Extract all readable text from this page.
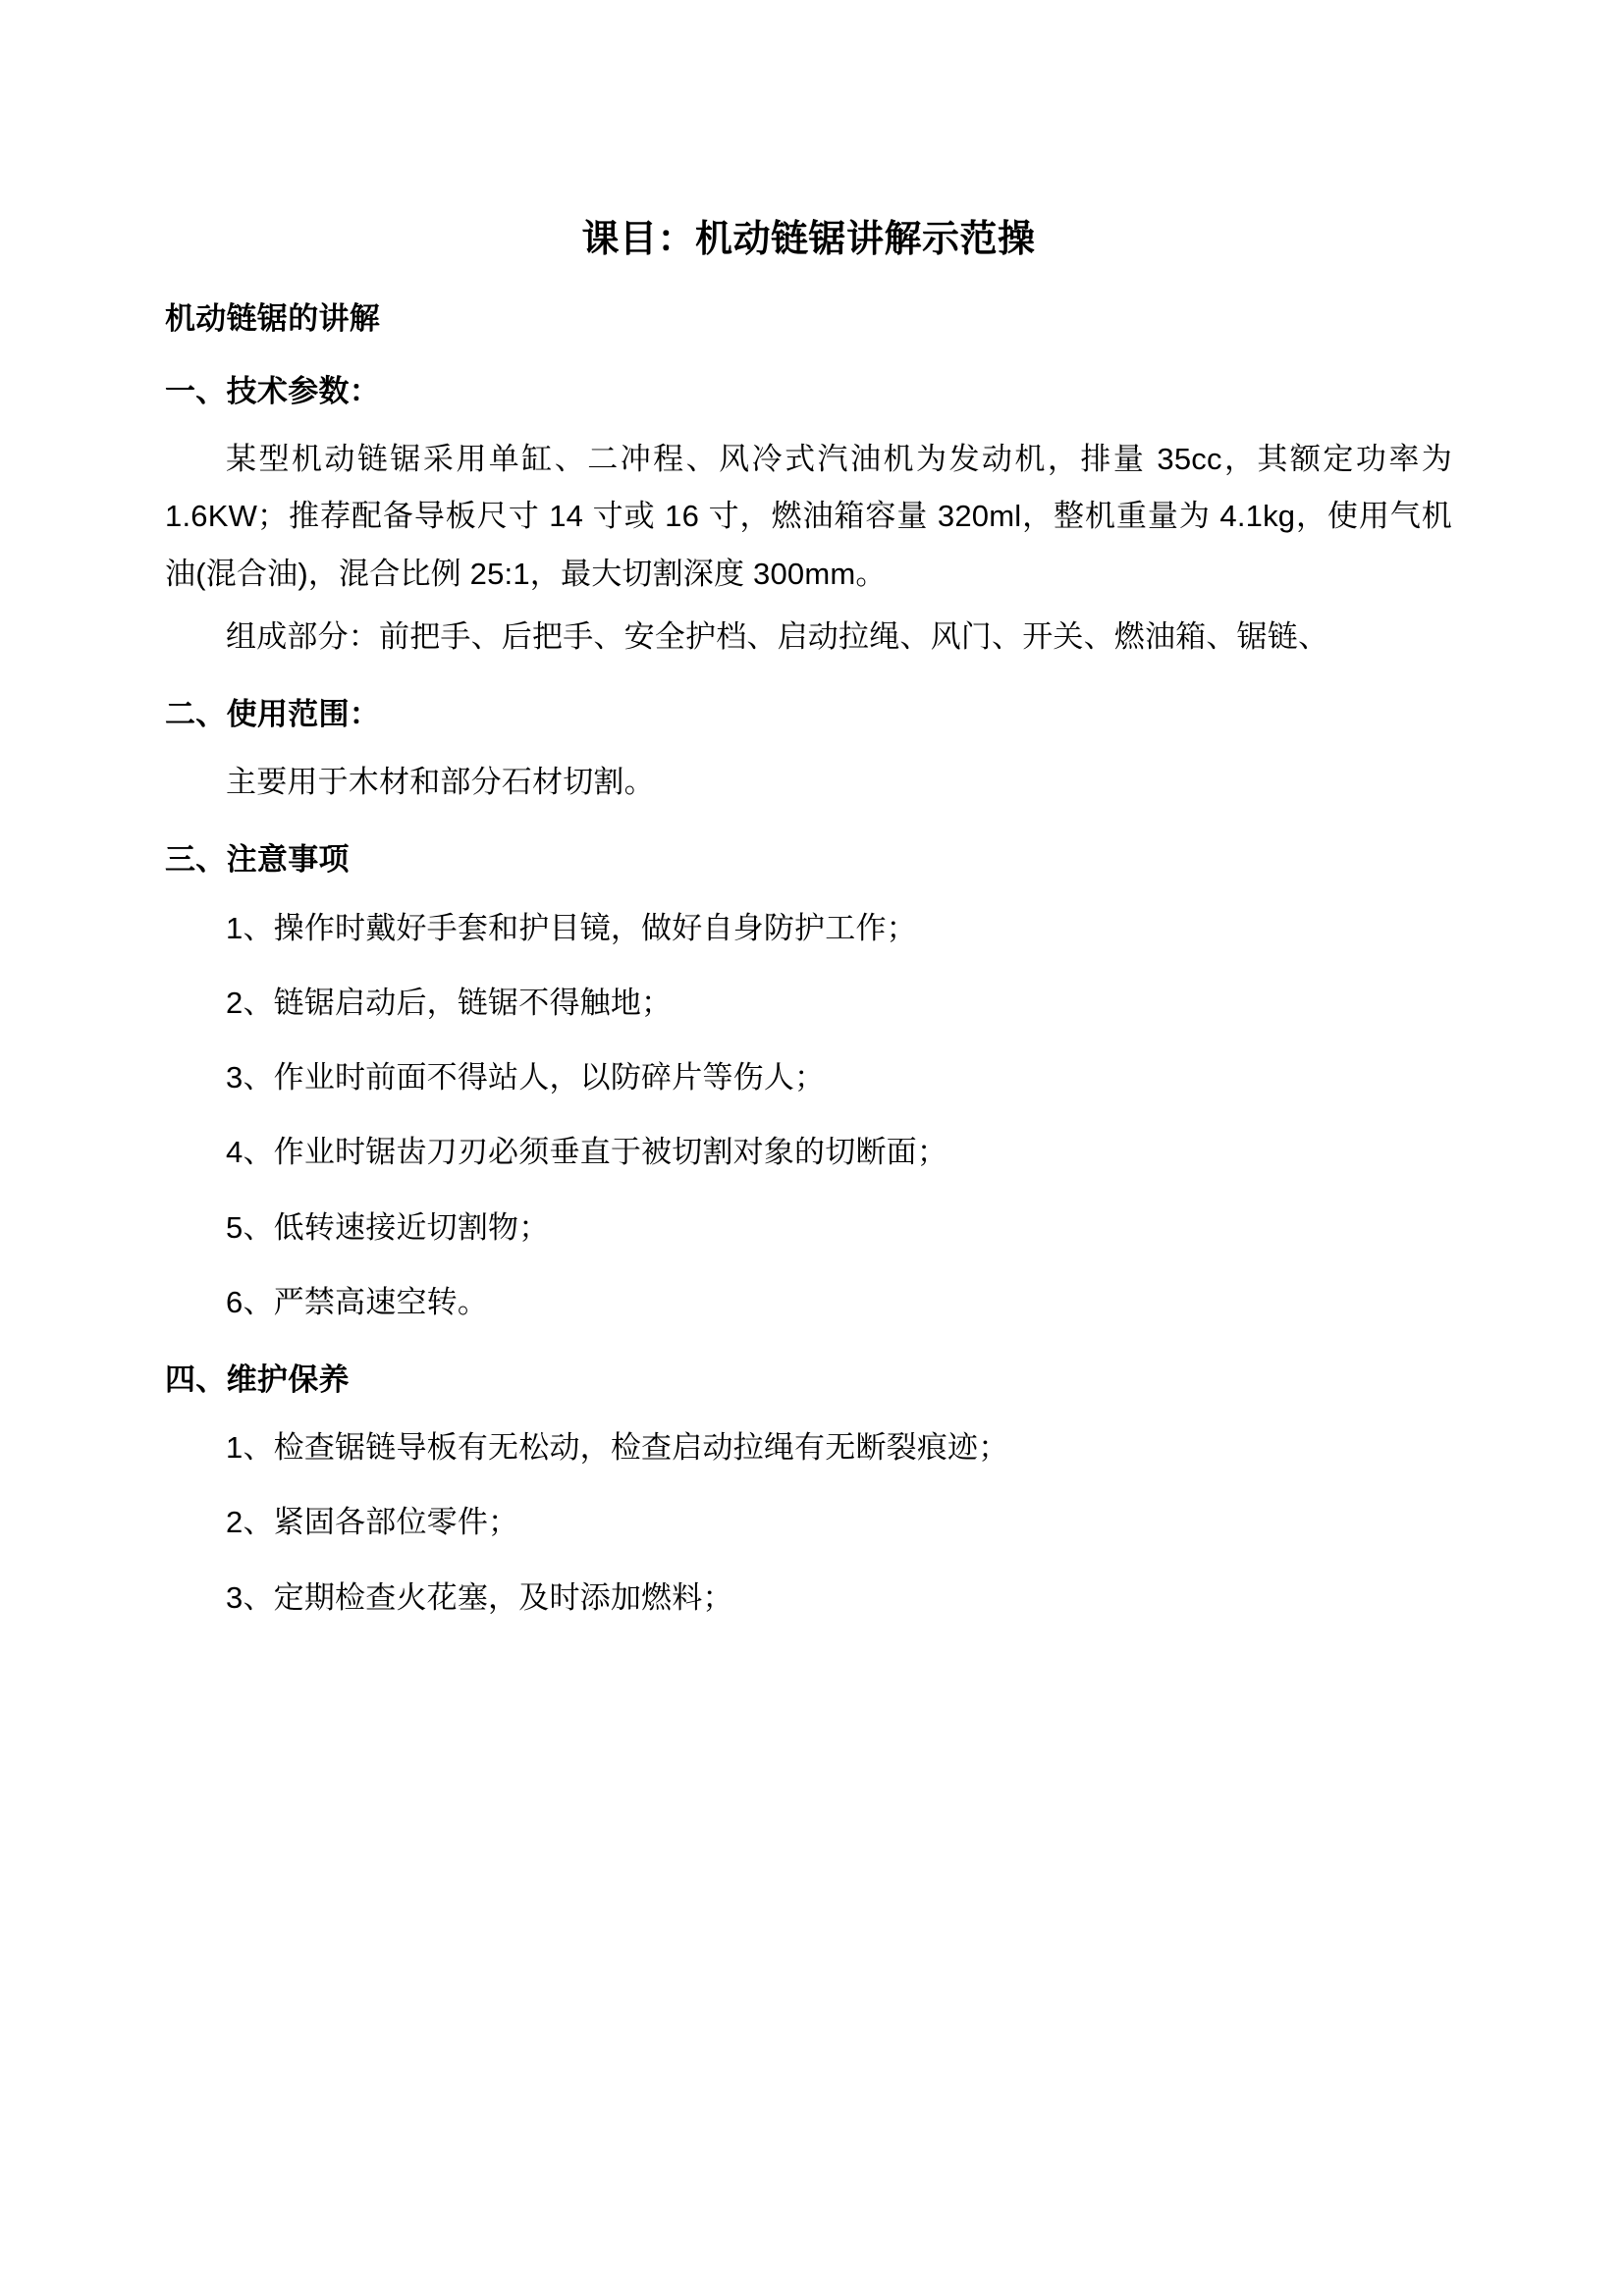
课目：机动链锯讲解示范操
机动链锯的讲解
一、技术参数：

某型机动链锯采用单缸、二冲程、风冷式汽油机为发动机，排量 35cc，其额定功率为 1.6KW；推荐配备导板尺寸 14 寸或 16 寸，燃油箱容量 320ml，整机重量为 4.1kg，使用气机油(混合油)，混合比例 25:1，最大切割深度 300mm。

组成部分：前把手、后把手、安全护档、启动拉绳、风门、开关、燃油箱、锯链、

二、使用范围：

主要用于木材和部分石材切割。

三、注意事项

1、操作时戴好手套和护目镜，做好自身防护工作；

2、链锯启动后，链锯不得触地；

3、作业时前面不得站人，以防碎片等伤人；

4、作业时锯齿刀刃必须垂直于被切割对象的切断面；

5、低转速接近切割物；

6、严禁高速空转。

四、维护保养

1、检查锯链导板有无松动，检查启动拉绳有无断裂痕迹；

2、紧固各部位零件；

3、定期检查火花塞，及时添加燃料；
